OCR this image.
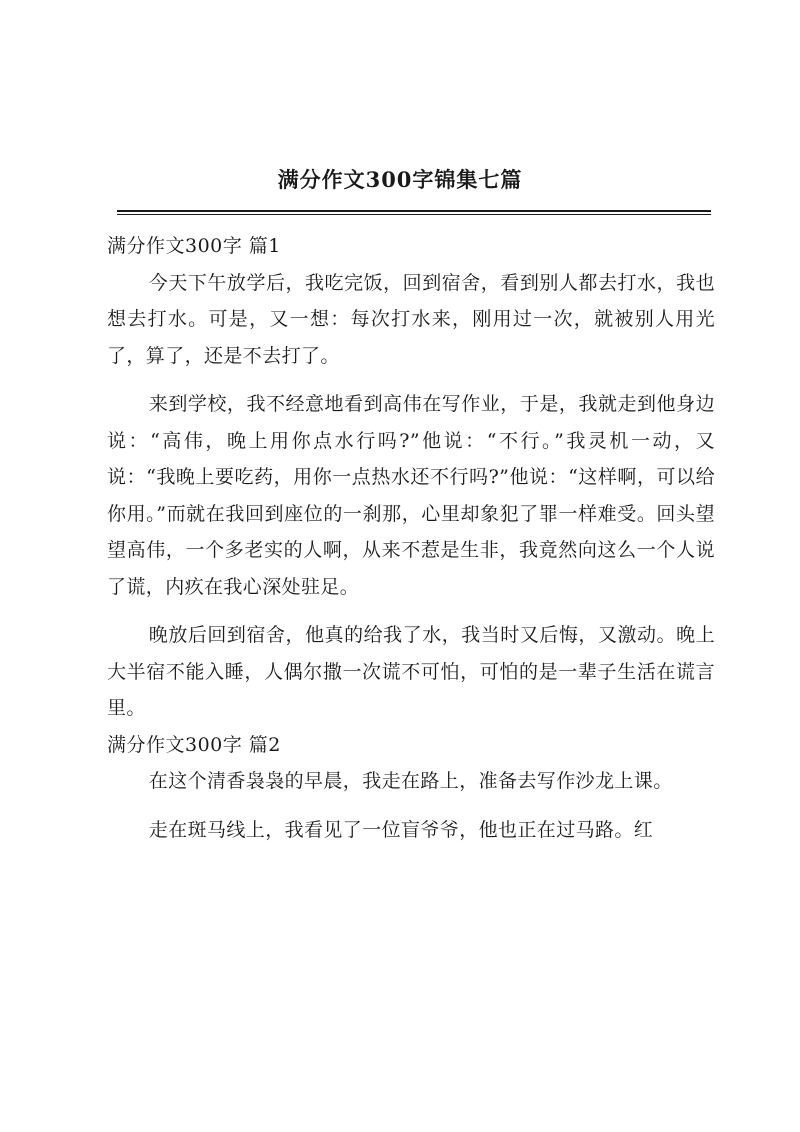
满分作文300字锦集七篇

满分作文300字 篇1

今天下午放学后，我吃完饭，回到宿舍，看到别人都去打水，我也想去打水。可是，又一想：每次打水来，刚用过一次，就被别人用光了，算了，还是不去打了。

来到学校，我不经意地看到高伟在写作业，于是，我就走到他身边说：“高伟，晚上用你点水行吗?”他说：“不行。”我灵机一动，又说：“我晚上要吃药，用你一点热水还不行吗?”他说：“这样啊，可以给你用。”而就在我回到座位的一刹那，心里却象犯了罪一样难受。回头望望高伟，一个多老实的人啊，从来不惹是生非，我竟然向这么一个人说了谎，内疚在我心深处驻足。

晚放后回到宿舍，他真的给我了水，我当时又后悔，又激动。晚上大半宿不能入睡，人偶尔撒一次谎不可怕，可怕的是一辈子生活在谎言里。

满分作文300字 篇2

在这个清香袅袅的早晨，我走在路上，准备去写作沙龙上课。

走在斑马线上，我看见了一位盲爷爷，他也正在过马路。红
